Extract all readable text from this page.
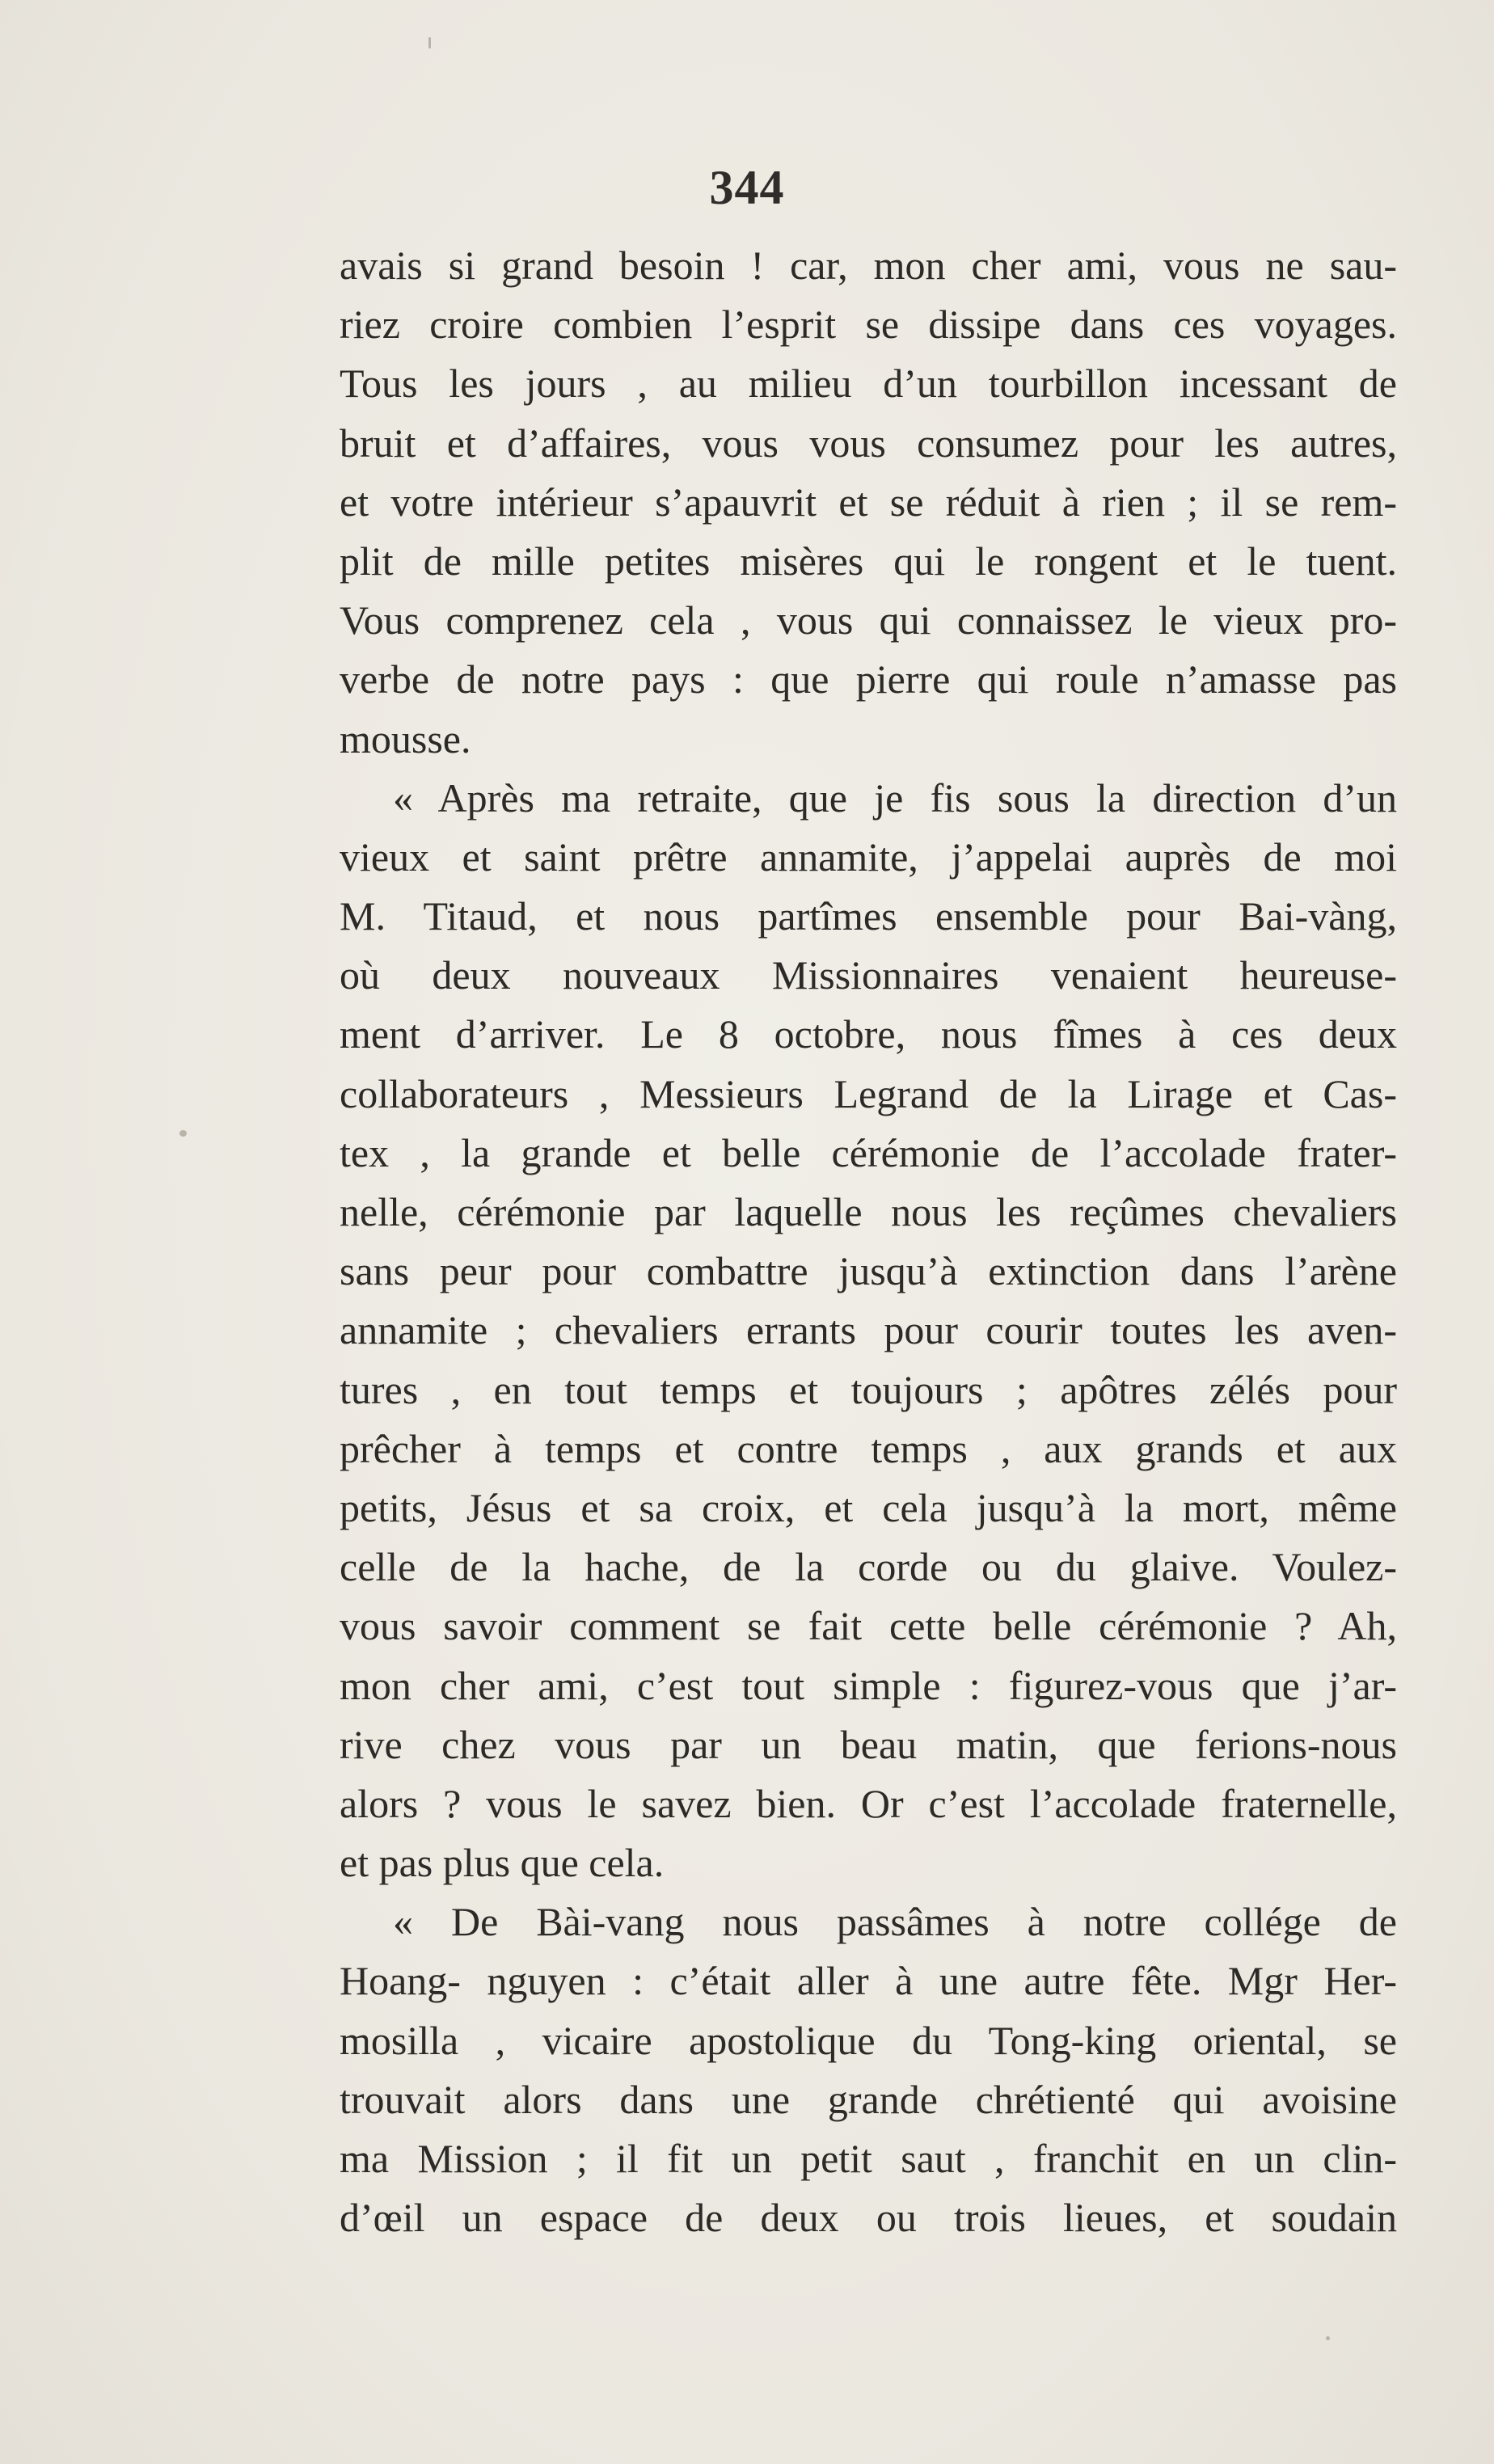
344
avais si grand besoin ! car, mon cher ami, vous ne sau-
riez croire combien l’esprit se dissipe dans ces voyages.
Tous les jours , au milieu d’un tourbillon incessant de
bruit et d’affaires, vous vous consumez pour les autres,
et votre intérieur s’apauvrit et se réduit à rien ; il se rem-
plit de mille petites misères qui le rongent et le tuent.
Vous comprenez cela , vous qui connaissez le vieux pro-
verbe de notre pays : que pierre qui roule n’amasse pas
mousse.
« Après ma retraite, que je fis sous la direction d’un
vieux et saint prêtre annamite, j’appelai auprès de moi
M. Titaud, et nous partîmes ensemble pour Bai-vàng,
où deux nouveaux Missionnaires venaient heureuse-
ment d’arriver. Le 8 octobre, nous fîmes à ces deux
collaborateurs , Messieurs Legrand de la Lirage et Cas-
tex , la grande et belle cérémonie de l’accolade frater-
nelle, cérémonie par laquelle nous les reçûmes chevaliers
sans peur pour combattre jusqu’à extinction dans l’arène
annamite ; chevaliers errants pour courir toutes les aven-
tures , en tout temps et toujours ; apôtres zélés pour
prêcher à temps et contre temps , aux grands et aux
petits, Jésus et sa croix, et cela jusqu’à la mort, même
celle de la hache, de la corde ou du glaive. Voulez-
vous savoir comment se fait cette belle cérémonie ? Ah,
mon cher ami, c’est tout simple : figurez-vous que j’ar-
rive chez vous par un beau matin, que ferions-nous
alors ? vous le savez bien. Or c’est l’accolade fraternelle,
et pas plus que cela.
« De Bài-vang nous passâmes à notre collége de
Hoang- nguyen : c’était aller à une autre fête. Mgr Her-
mosilla , vicaire apostolique du Tong-king oriental, se
trouvait alors dans une grande chrétienté qui avoisine
ma Mission ; il fit un petit saut , franchit en un clin-
d’œil un espace de deux ou trois lieues, et soudain
